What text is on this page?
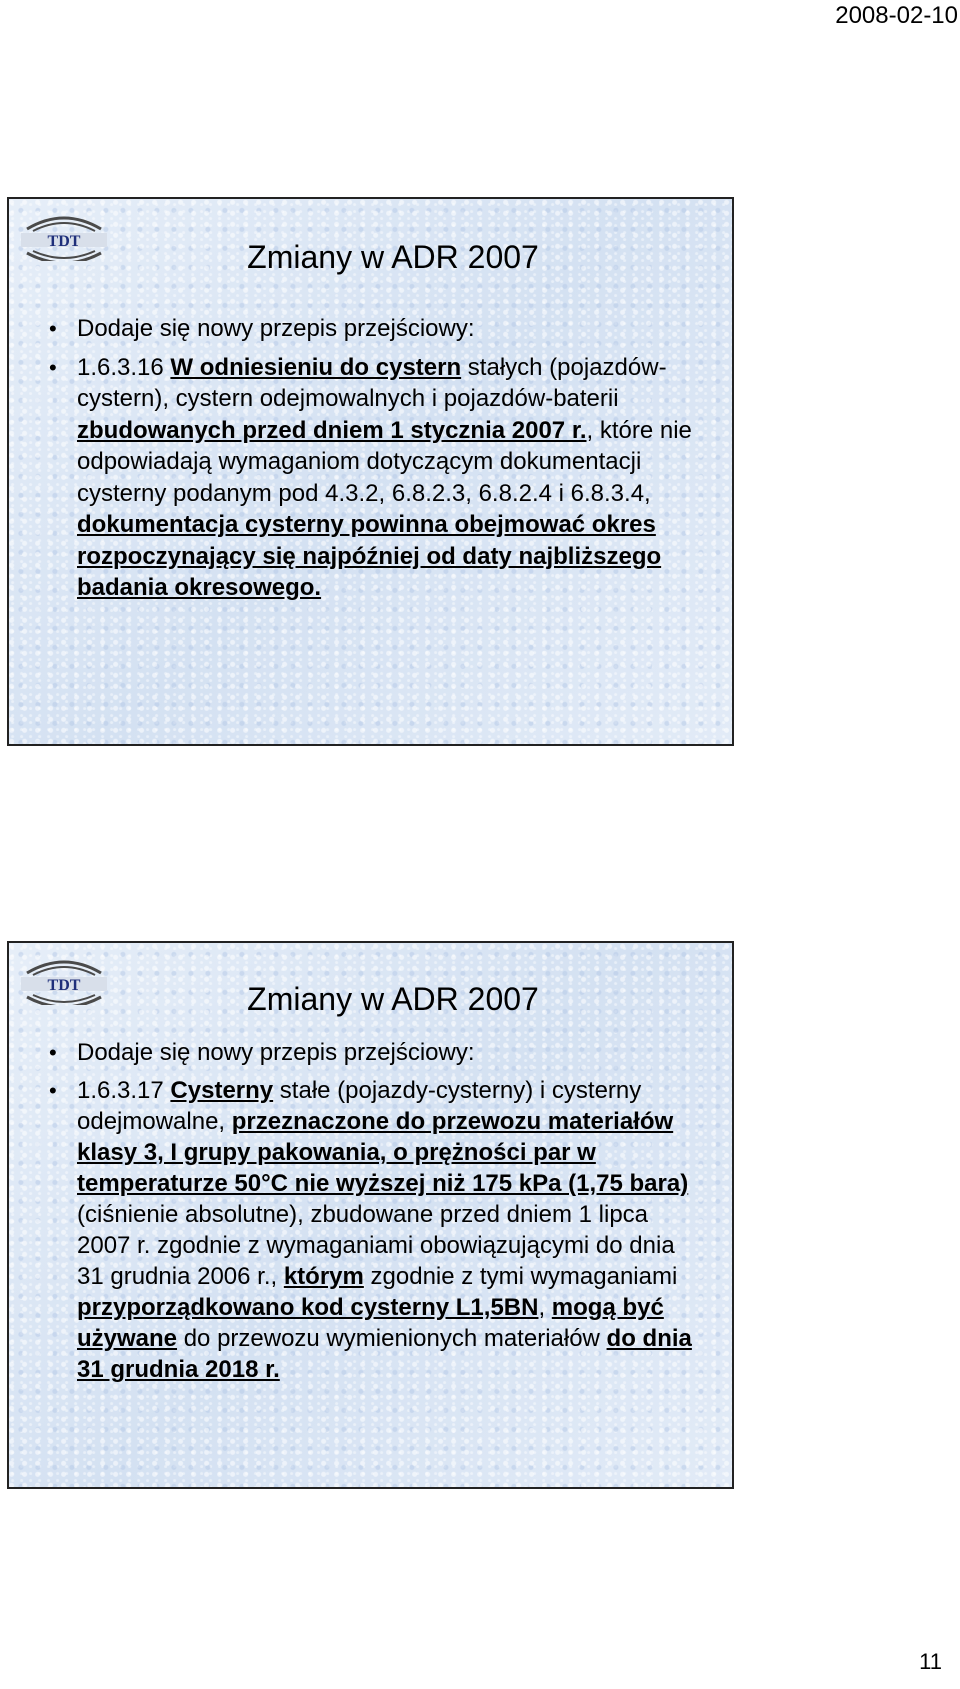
2008-02-10
TDT	Zmiany w ADR 2007
• Dodaje się nowy przepis przejściowy:
• 1.6.3.16 W odniesieniu do cystern stałych (pojazdów-cystern), cystern odejmowalnych i pojazdów-baterii zbudowanych przed dniem 1 stycznia 2007 r., które nie odpowiadają wymaganiom dotyczącym dokumentacji cysterny podanym pod 4.3.2, 6.8.2.3, 6.8.2.4 i 6.8.3.4, dokumentacja cysterny powinna obejmować okres rozpoczynający się najpóźniej od daty najbliższego badania okresowego.
TDT	Zmiany w ADR 2007
• Dodaje się nowy przepis przejściowy:
• 1.6.3.17 Cysterny stałe (pojazdy-cysterny) i cysterny odejmowalne, przeznaczone do przewozu materiałów klasy 3, I grupy pakowania, o prężności par w temperaturze 50°C nie wyższej niż 175 kPa (1,75 bara) (ciśnienie absolutne), zbudowane przed dniem 1 lipca 2007 r. zgodnie z wymaganiami obowiązującymi do dnia 31 grudnia 2006 r., którym zgodnie z tymi wymaganiami przyporządkowano kod cysterny L1,5BN, mogą być używane do przewozu wymienionych materiałów do dnia 31 grudnia 2018 r.
11
